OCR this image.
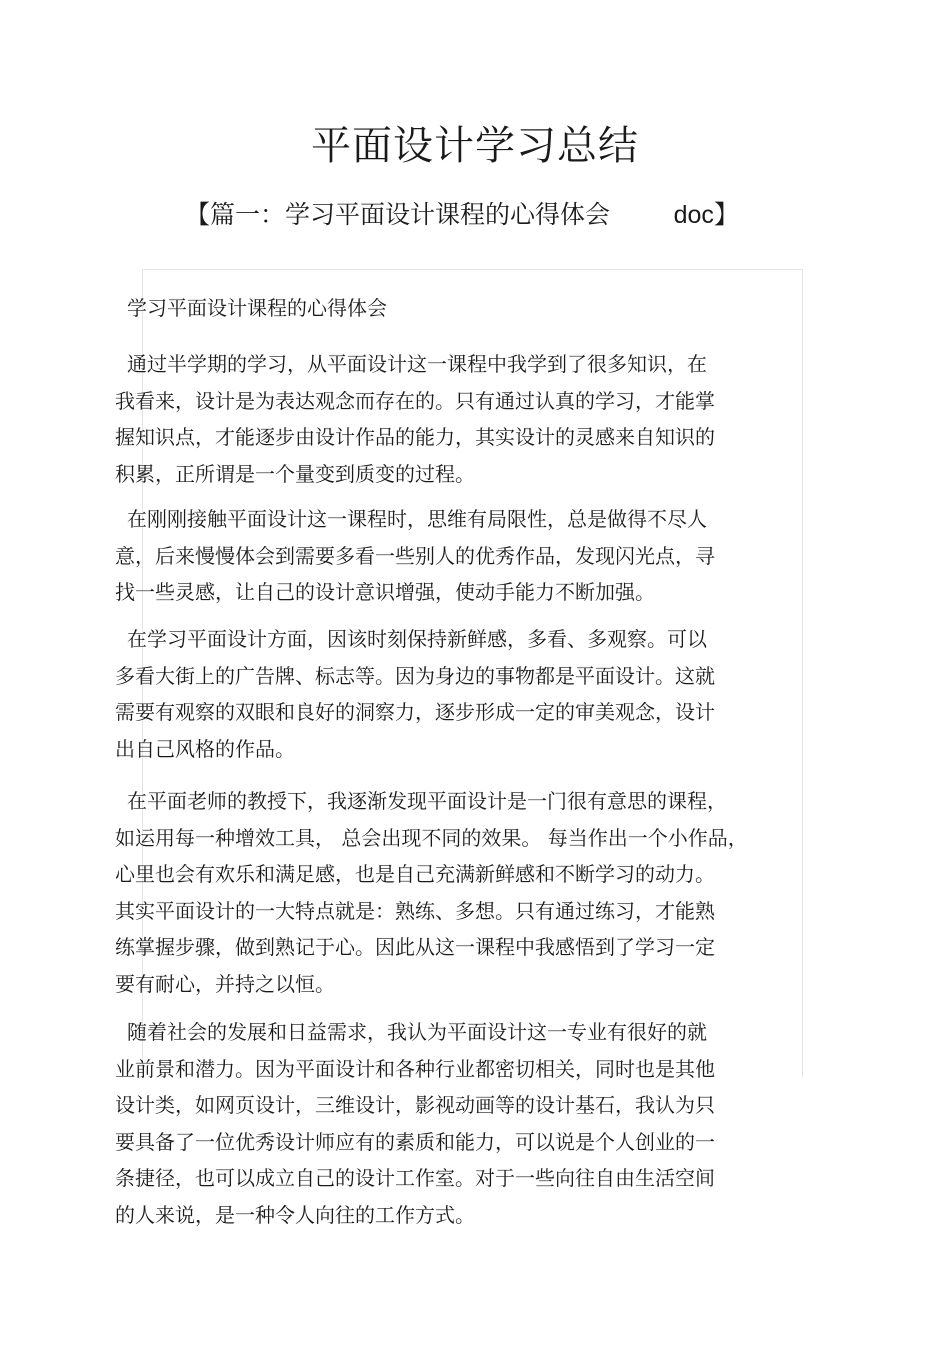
平面设计学习总结
【篇一：学习平面设计课程的心得体会	doc】
学习平面设计课程的心得体会
通过半学期的学习，从平面设计这一课程中我学到了很多知识，在
我看来，设计是为表达观念而存在的。只有通过认真的学习，才能掌
握知识点，才能逐步由设计作品的能力，其实设计的灵感来自知识的
积累，正所谓是一个量变到质变的过程。
在刚刚接触平面设计这一课程时，思维有局限性，总是做得不尽人
意，后来慢慢体会到需要多看一些别人的优秀作品，发现闪光点，寻
找一些灵感，让自己的设计意识增强，使动手能力不断加强。
在学习平面设计方面，因该时刻保持新鲜感，多看、多观察。可以
多看大街上的广告牌、标志等。因为身边的事物都是平面设计。这就
需要有观察的双眼和良好的洞察力，逐步形成一定的审美观念，设计
出自己风格的作品。
在平面老师的教授下，我逐渐发现平面设计是一门很有意思的课程，
如运用每一种增效工具， 总会出现不同的效果。 每当作出一个小作品，
心里也会有欢乐和满足感，也是自己充满新鲜感和不断学习的动力。
其实平面设计的一大特点就是：熟练、多想。只有通过练习，才能熟
练掌握步骤，做到熟记于心。因此从这一课程中我感悟到了学习一定
要有耐心，并持之以恒。
随着社会的发展和日益需求，我认为平面设计这一专业有很好的就
业前景和潜力。因为平面设计和各种行业都密切相关，同时也是其他
设计类，如网页设计，三维设计，影视动画等的设计基石，我认为只
要具备了一位优秀设计师应有的素质和能力，可以说是个人创业的一
条捷径，也可以成立自己的设计工作室。对于一些向往自由生活空间
的人来说，是一种令人向往的工作方式。
